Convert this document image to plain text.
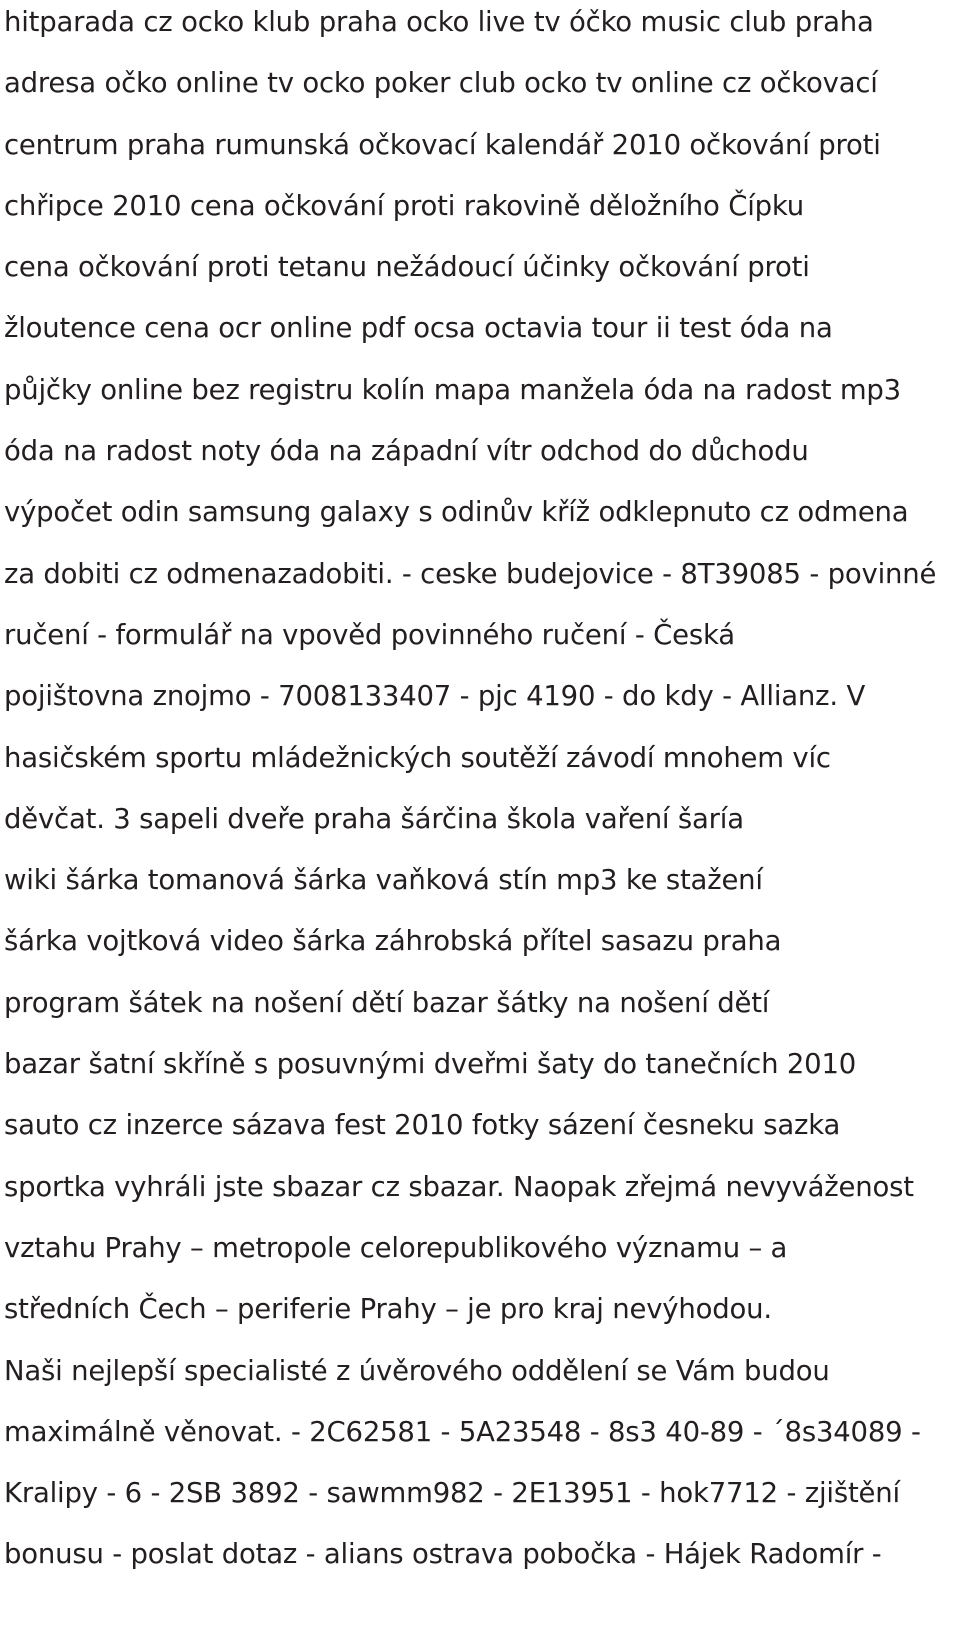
hitparada cz ocko klub praha ocko live tv óčko music club praha
adresa očko online tv ocko poker club ocko tv online cz očkovací
centrum praha rumunská očkovací kalendář 2010 očkování proti
chřipce 2010 cena očkování proti rakovině děložního Čípku
cena očkování proti tetanu nežádoucí účinky očkování proti
žloutence cena ocr online pdf ocsa octavia tour ii test óda na
půjčky online bez registru kolín mapa manžela óda na radost mp3
óda na radost noty óda na západní vítr odchod do důchodu
výpočet odin samsung galaxy s odinův kříž odklepnuto cz odmena
za dobiti cz odmenazadobiti. - ceske budejovice - 8T39085 - povinné
ručení - formulář na vpověd povinného ručení - Česká
pojištovna znojmo - 7008133407 - pjc 4190 - do kdy - Allianz. V
hasičském sportu mládežnických soutěží závodí mnohem víc
děvčat. 3 sapeli dveře praha šárčina škola vaření šaría
wiki šárka tomanová šárka vaňková stín mp3 ke stažení
šárka vojtková video šárka záhrobská přítel sasazu praha
program šátek na nošení dětí bazar šátky na nošení dětí
bazar šatní skříně s posuvnými dveřmi šaty do tanečních 2010
sauto cz inzerce sázava fest 2010 fotky sázení česneku sazka
sportka vyhráli jste sbazar cz sbazar. Naopak zřejmá nevyváženost
vztahu Prahy – metropole celorepublikového významu – a
středních Čech – periferie Prahy – je pro kraj nevýhodou.
Naši nejlepší specialisté z úvěrového oddělení se Vám budou
maximálně věnovat. - 2C62581 - 5A23548 - 8s3 40-89 - ´8s34089 -
Kralipy - 6 - 2SB 3892 - sawmm982 - 2E13951 - hok7712 - zjištění
bonusu - poslat dotaz - alians ostrava pobočka - Hájek Radomír -
